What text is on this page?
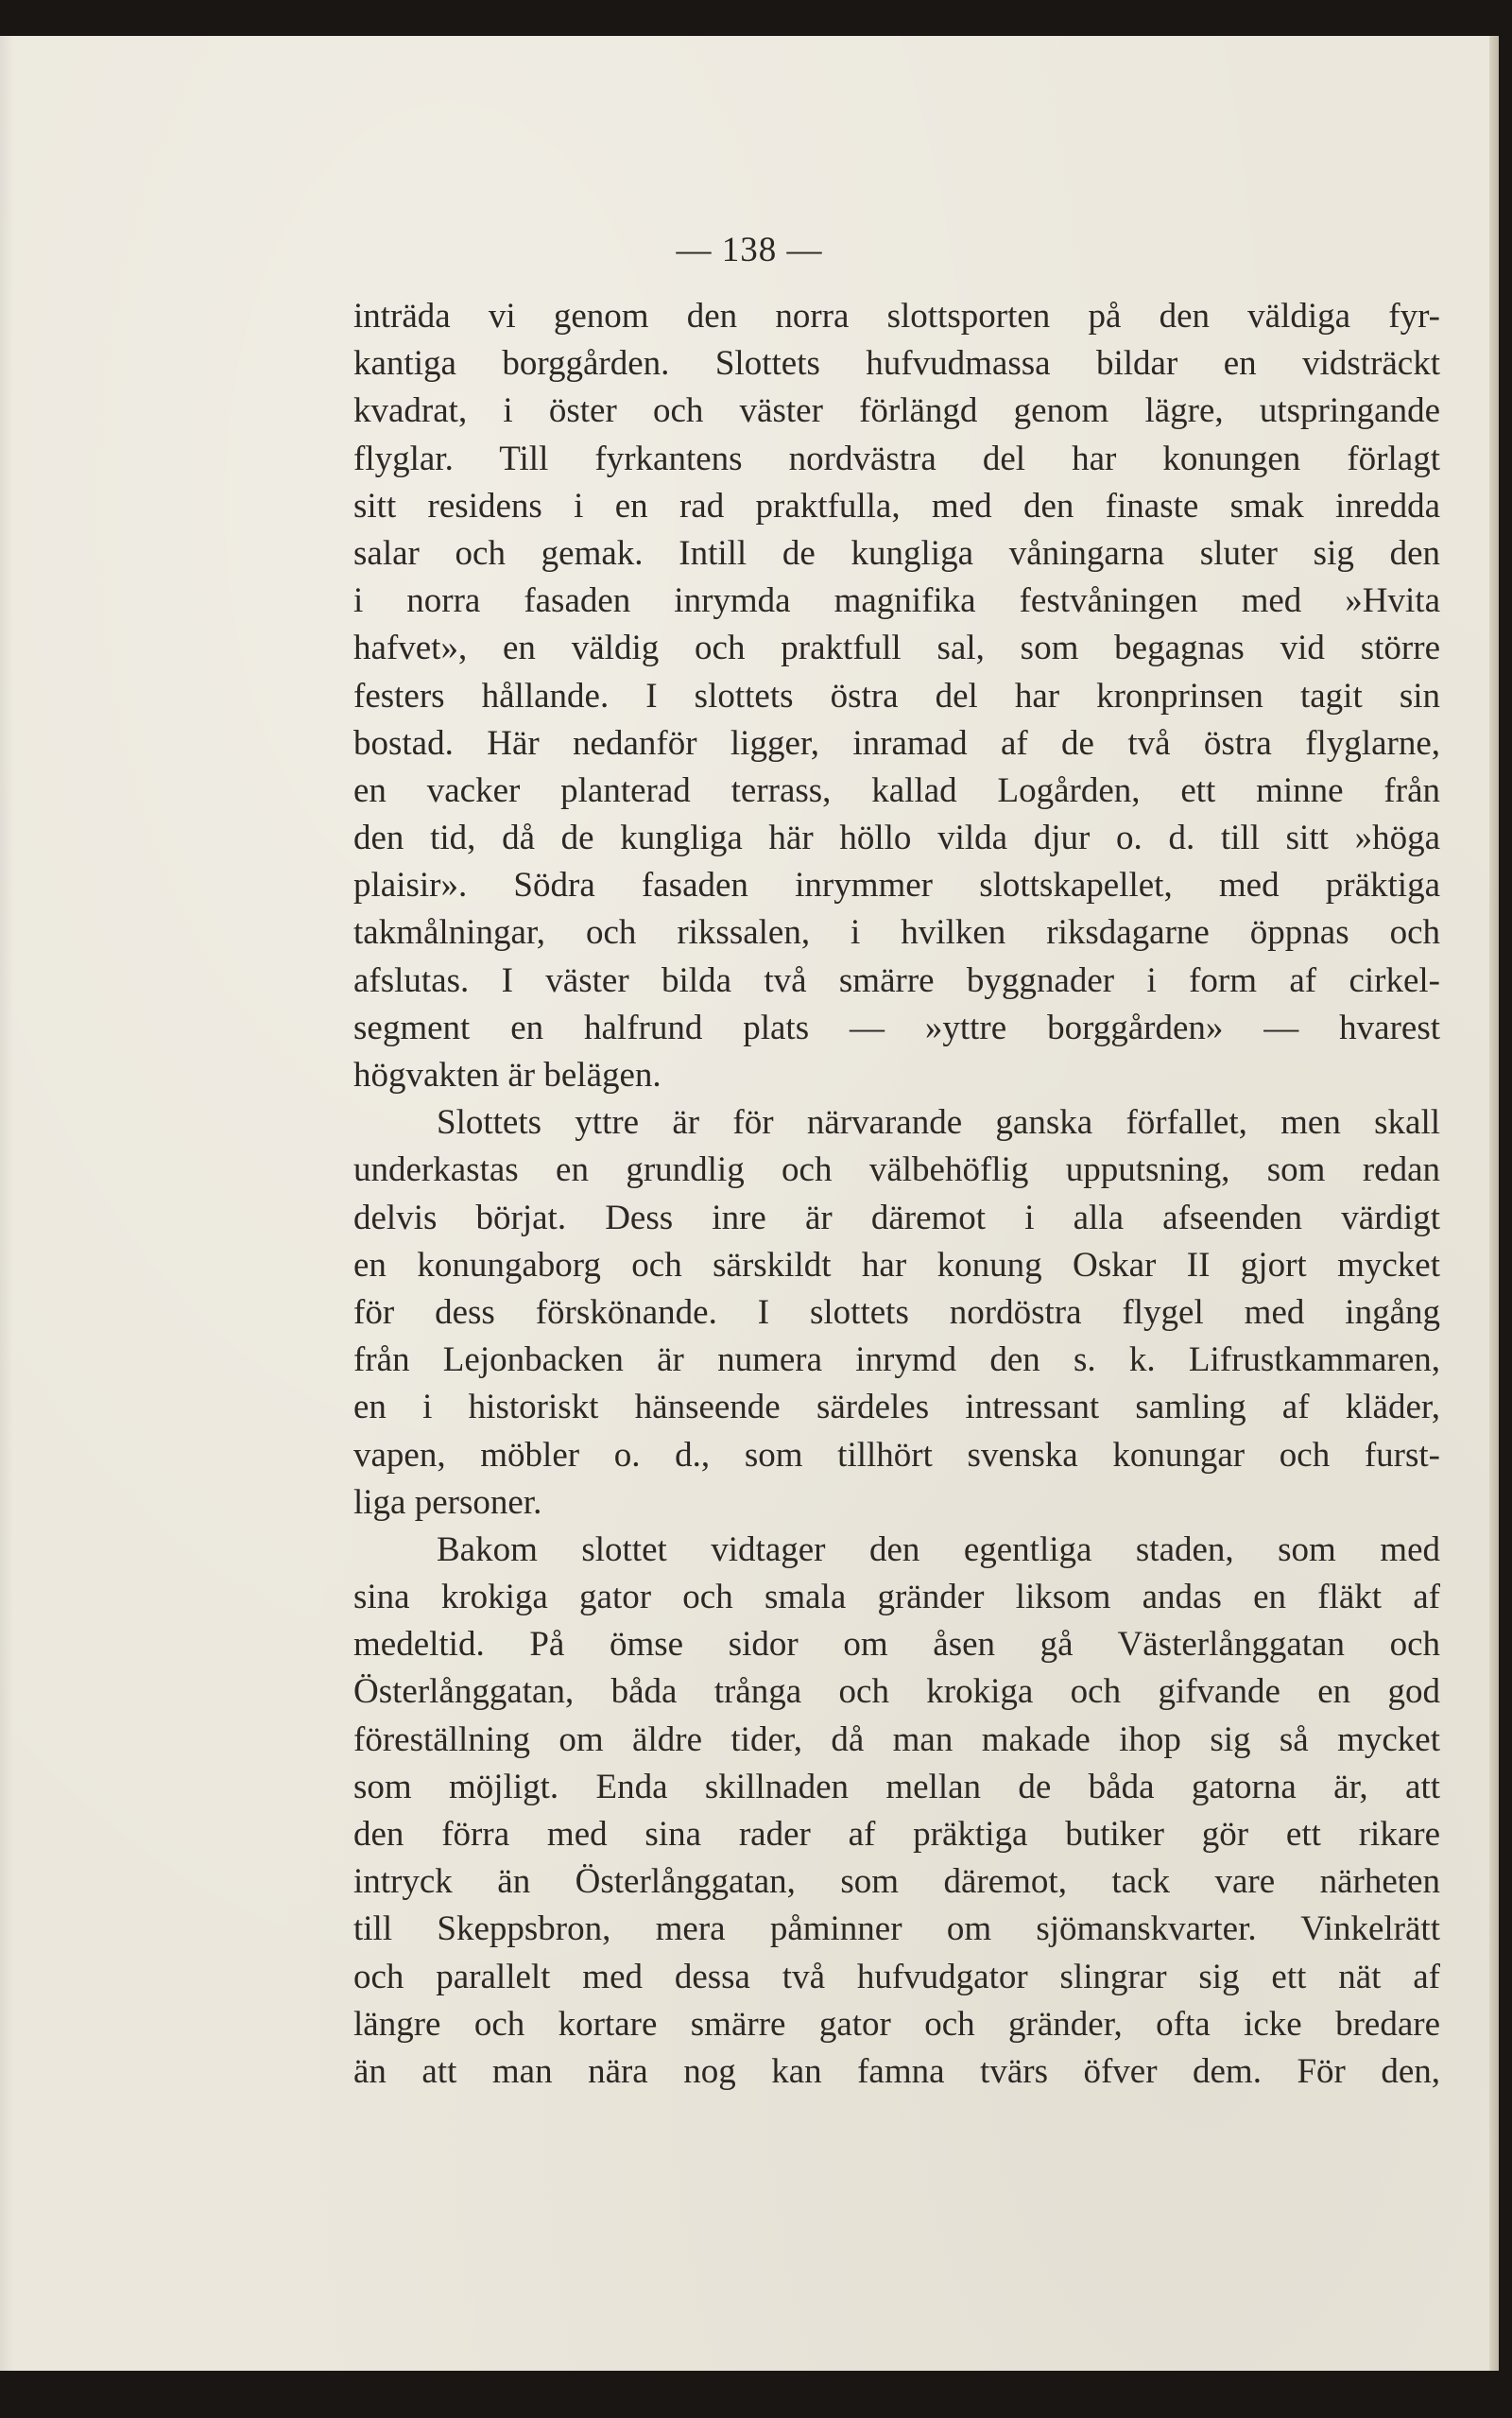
— 138 —
inträda vi genom den norra slottsporten på den väldiga fyr-
kantiga borggården. Slottets hufvudmassa bildar en vidsträckt
kvadrat, i öster och väster förlängd genom lägre, utspringande
flyglar. Till fyrkantens nordvästra del har konungen förlagt
sitt residens i en rad praktfulla, med den finaste smak inredda
salar och gemak. Intill de kungliga våningarna sluter sig den
i norra fasaden inrymda magnifika festvåningen med »Hvita
hafvet», en väldig och praktfull sal, som begagnas vid större
festers hållande. I slottets östra del har kronprinsen tagit sin
bostad. Här nedanför ligger, inramad af de två östra flyglarne,
en vacker planterad terrass, kallad Logården, ett minne från
den tid, då de kungliga här höllo vilda djur o. d. till sitt »höga
plaisir». Södra fasaden inrymmer slottskapellet, med präktiga
takmålningar, och rikssalen, i hvilken riksdagarne öppnas och
afslutas. I väster bilda två smärre byggnader i form af cirkel-
segment en halfrund plats — »yttre borggården» — hvarest
högvakten är belägen.
Slottets yttre är för närvarande ganska förfallet, men skall
underkastas en grundlig och välbehöflig upputsning, som redan
delvis börjat. Dess inre är däremot i alla afseenden värdigt
en konungaborg och särskildt har konung Oskar II gjort mycket
för dess förskönande. I slottets nordöstra flygel med ingång
från Lejonbacken är numera inrymd den s. k. Lifrustkammaren,
en i historiskt hänseende särdeles intressant samling af kläder,
vapen, möbler o. d., som tillhört svenska konungar och furst-
liga personer.
Bakom slottet vidtager den egentliga staden, som med
sina krokiga gator och smala gränder liksom andas en fläkt af
medeltid. På ömse sidor om åsen gå Västerlånggatan och
Österlånggatan, båda trånga och krokiga och gifvande en god
föreställning om äldre tider, då man makade ihop sig så mycket
som möjligt. Enda skillnaden mellan de båda gatorna är, att
den förra med sina rader af präktiga butiker gör ett rikare
intryck än Österlånggatan, som däremot, tack vare närheten
till Skeppsbron, mera påminner om sjömanskvarter. Vinkelrätt
och parallelt med dessa två hufvudgator slingrar sig ett nät af
längre och kortare smärre gator och gränder, ofta icke bredare
än att man nära nog kan famna tvärs öfver dem. För den,
